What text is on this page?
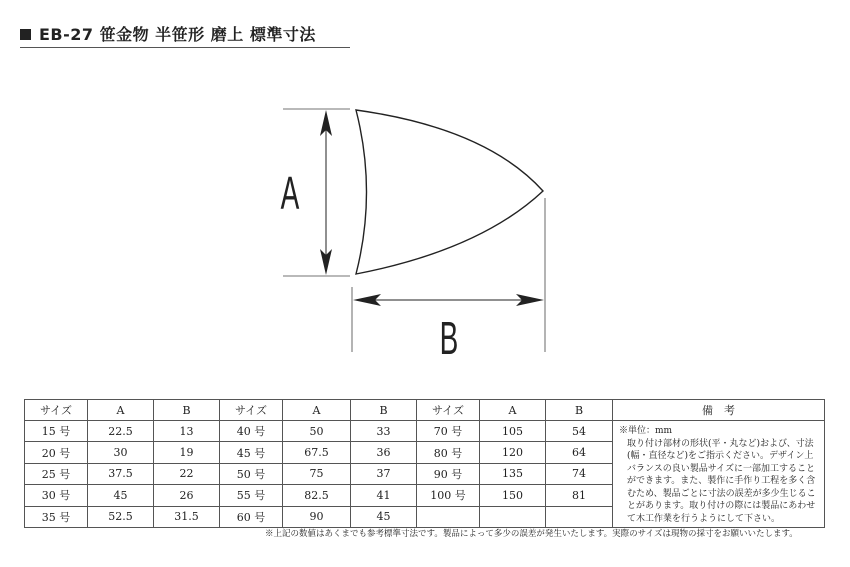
EB-27 笹金物 半笹形 磨上 標準寸法
A
B
サイズ	A	B	サイズ	A	B	サイズ	A	B	備　考
15 号	22.5	13	40 号	50	33	70 号	105	54	※単位：mm
取り付け部材の形状(平・丸など)および、寸法(幅・直径など)をご指示ください。デザイン上バランスの良い製品サイズに一部加工することができます。また、製作に手作り工程を多く含むため、製品ごとに寸法の誤差が多少生じることがあります。取り付けの際には製品にあわせて木工作業を行うようにして下さい。

20 号	30	19	45 号	67.5	36	80 号	120	64	
25 号	37.5	22	50 号	75	37	90 号	135	74	
30 号	45	26	55 号	82.5	41	100 号	150	81	
35 号	52.5	31.5	60 号	90	45				
※上記の数値はあくまでも参考標準寸法です。製品によって多少の誤差が発生いたします。実際のサイズは現物の採寸をお願いいたします。
